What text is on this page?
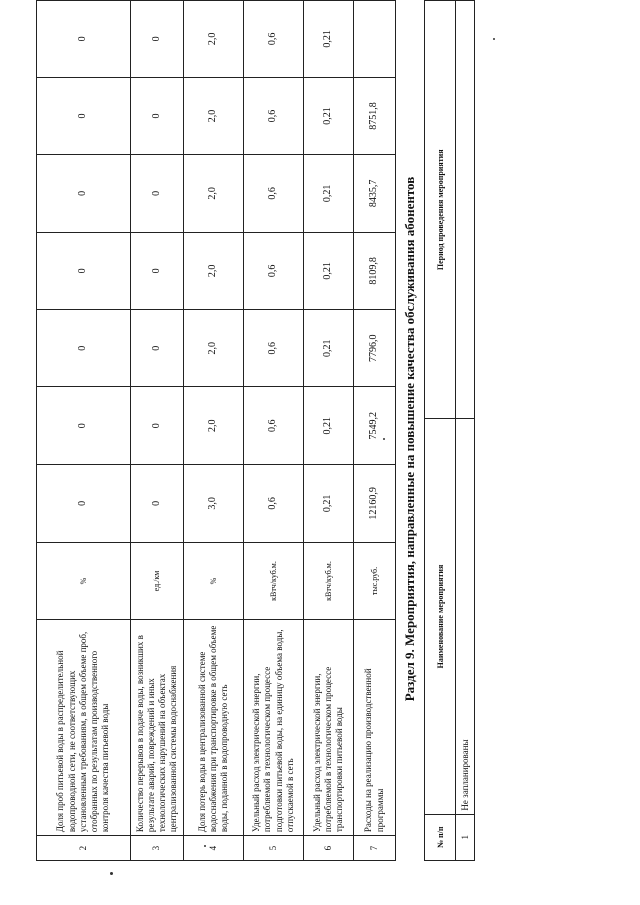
2	Доля проб питьевой воды в распределительной водопроводной сети, не соответствующих установленным требованиям, в общем объеме проб, отобранных по результатам производственного контроля качества питьевой воды	%	0	0	0	0	0	0	0
3	Количество перерывов в подаче воды, возникших в результате аварий, повреждений и иных технологических нарушений на объектах централизованной системы водоснабжения	ед./км	0	0	0	0	0	0	0
4	Доля потерь воды в централизованной системе водоснабжения при транспортировке в общем объеме воды, поданной в водопроводную сеть	%	3,0	2,0	2,0	2,0	2,0	2,0	2,0
5	Удельный расход электрической энергии, потребляемой в технологическом процессе подготовки питьевой воды, на единицу объема воды, отпускаемой в сеть	кВтч/куб.м.	0,6	0,6	0,6	0,6	0,6	0,6	0,6
6	Удельный расход электрической энергии, потребляемой в технологическом процессе транспортировки питьевой воды	кВтч/куб.м.	0,21	0,21	0,21	0,21	0,21	0,21	0,21
7	Расходы на реализацию производственной программы	тыс.руб.	12160,9	7549,2	7796,0	8109,8	8435,7	8751,8	
Раздел 9. Мероприятия, направленные на повышение качества обслуживания абонентов
№ п/п	Наименование мероприятия	Период проведения мероприятия
1	Не запланированы	
